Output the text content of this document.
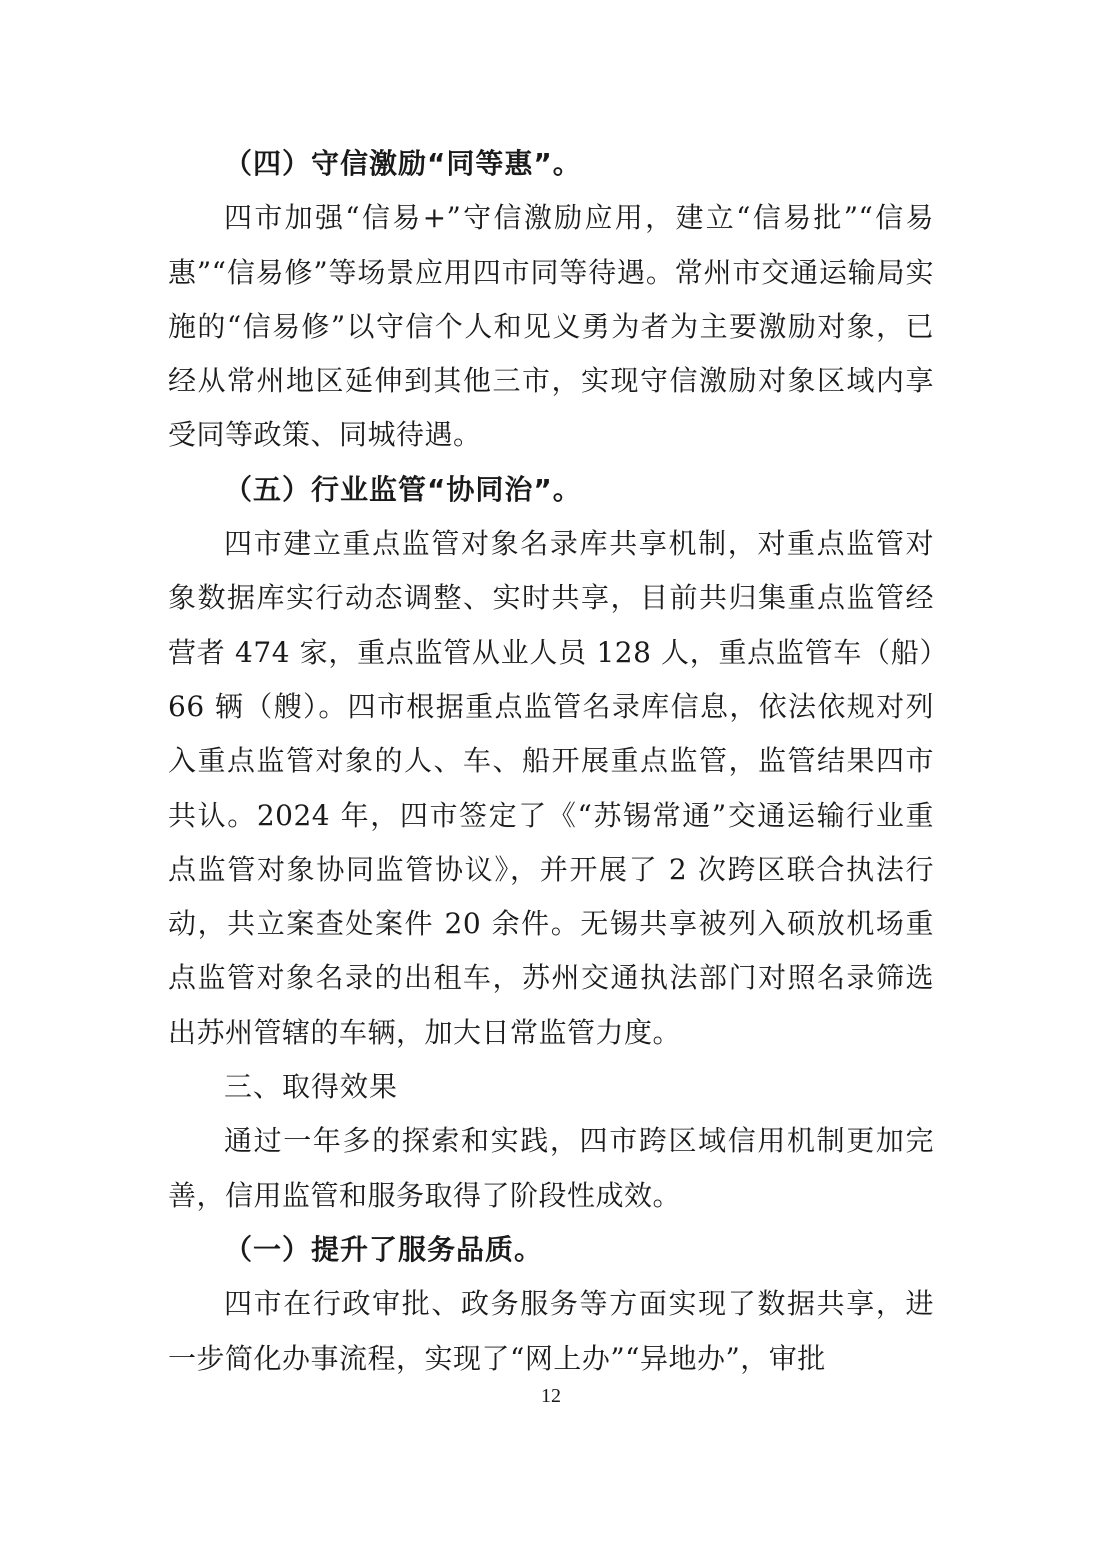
（四）守信激励“同等惠”。

四市加强“信易+”守信激励应用，建立“信易批”“信易惠”“信易修”等场景应用四市同等待遇。常州市交通运输局实施的“信易修”以守信个人和见义勇为者为主要激励对象，已经从常州地区延伸到其他三市，实现守信激励对象区域内享受同等政策、同城待遇。

（五）行业监管“协同治”。

四市建立重点监管对象名录库共享机制，对重点监管对象数据库实行动态调整、实时共享，目前共归集重点监管经营者 474 家，重点监管从业人员 128 人，重点监管车（船）66 辆（艘）。四市根据重点监管名录库信息，依法依规对列入重点监管对象的人、车、船开展重点监管，监管结果四市共认。2024 年，四市签定了《“苏锡常通”交通运输行业重点监管对象协同监管协议》，并开展了 2 次跨区联合执法行动，共立案查处案件 20 余件。无锡共享被列入硕放机场重点监管对象名录的出租车，苏州交通执法部门对照名录筛选出苏州管辖的车辆，加大日常监管力度。

三、取得效果

通过一年多的探索和实践，四市跨区域信用机制更加完善，信用监管和服务取得了阶段性成效。

（一）提升了服务品质。

四市在行政审批、政务服务等方面实现了数据共享，进一步简化办事流程，实现了“网上办”“异地办”，审批

12
